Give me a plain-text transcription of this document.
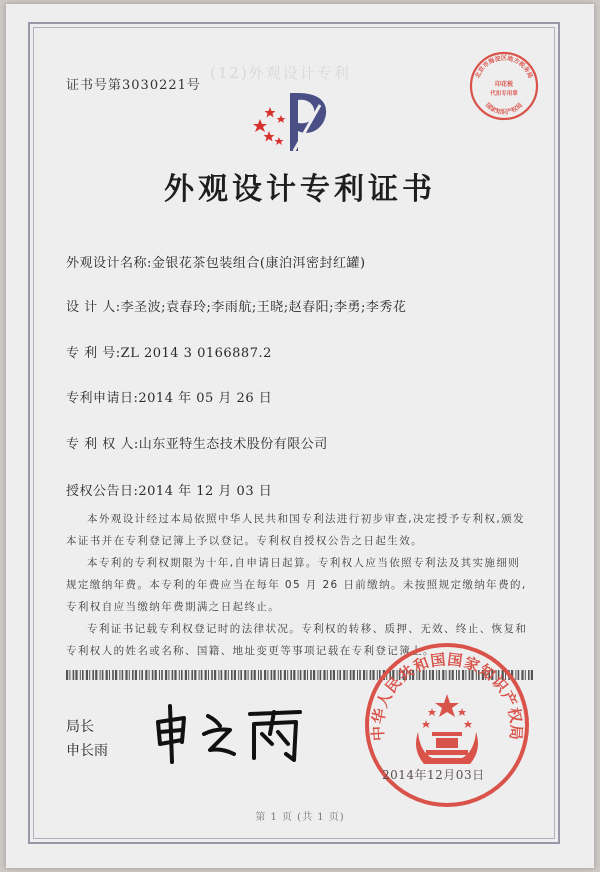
证书号第3030221号
(12)外观设计专利	北京市海淀区地方税务局
印花税
代扣专用章
国家知识产权局
外观设计专利证书
外观设计名称:金银花茶包装组合(康泊洱密封红罐)
设 计 人:李圣波;袁春玲;李雨航;王晓;赵春阳;李勇;李秀花
专 利 号:ZL 2014 3 0166887.2
专利申请日:2014 年 05 月 26 日
专 利 权 人:山东亚特生态技术股份有限公司
授权公告日:2014 年 12 月 03 日

本外观设计经过本局依照中华人民共和国专利法进行初步审查,决定授予专利权,颁发本证书并在专利登记簿上予以登记。专利权自授权公告之日起生效。

本专利的专利权期限为十年,自申请日起算。专利权人应当依照专利法及其实施细则规定缴纳年费。本专利的年费应当在每年 05 月 26 日前缴纳。未按照规定缴纳年费的,专利权自应当缴纳年费期满之日起终止。

专利证书记载专利权登记时的法律状况。专利权的转移、质押、无效、终止、恢复和专利权人的姓名或名称、国籍、地址变更等事项记载在专利登记簿上。

局长
申长雨
中华人民共和国国家知识产权局
2014年12月03日
第 1 页 (共 1 页)
